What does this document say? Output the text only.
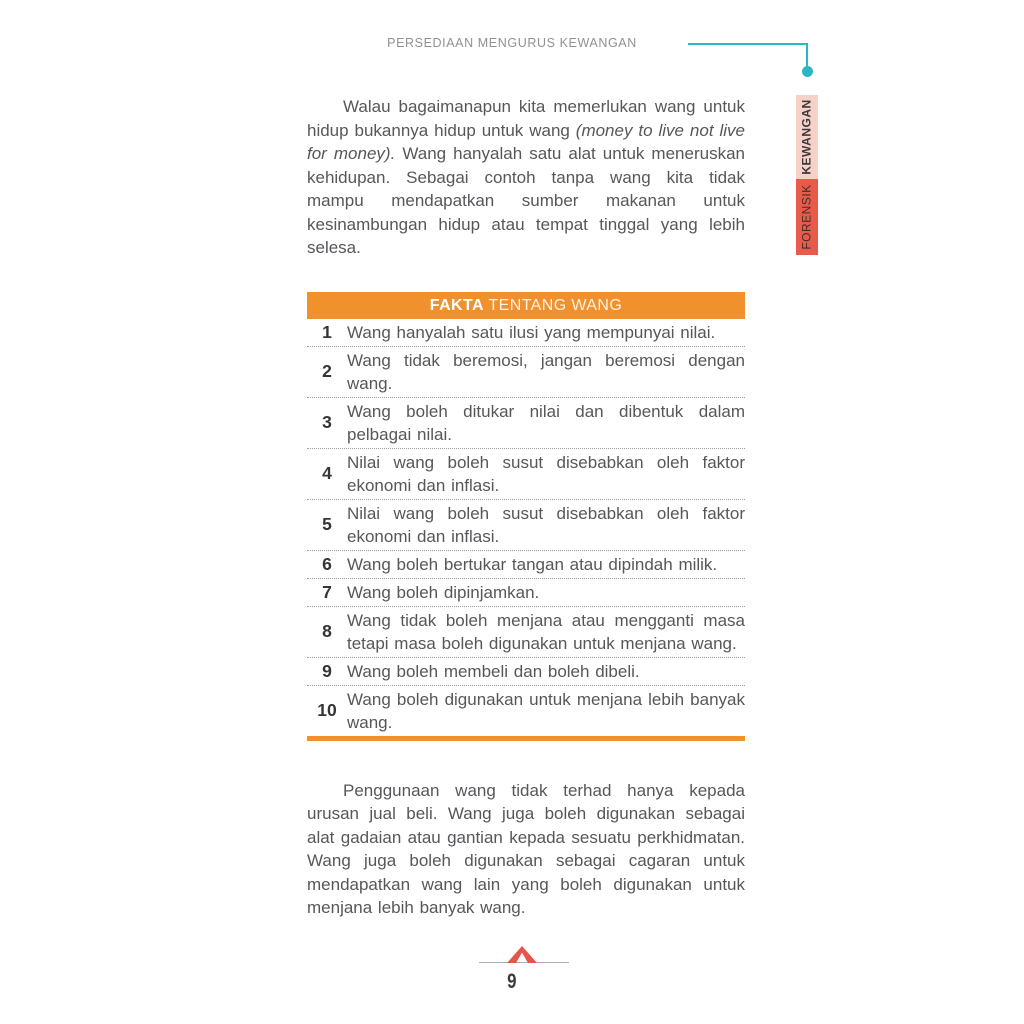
PERSEDIAAN MENGURUS KEWANGAN
KEWANGAN
FORENSIK

Walau bagaimanapun kita memerlukan wang untuk hidup bukannya hidup untuk wang (money to live not live for money). Wang hanyalah satu alat untuk meneruskan kehidupan. Sebagai contoh tanpa wang kita tidak mampu mendapatkan sumber makanan untuk kesinambungan hidup atau tempat tinggal yang lebih selesa.

FAKTA TENTANG WANG
1 Wang hanyalah satu ilusi yang mempunyai nilai.
2
Wang tidak beremosi, jangan beremosi dengan wang.
3
Wang boleh ditukar nilai dan dibentuk dalam pelbagai nilai.
4
Nilai wang boleh susut disebabkan oleh faktor ekonomi dan inflasi.
5
Nilai wang boleh susut disebabkan oleh faktor ekonomi dan inflasi.
6 Wang boleh bertukar tangan atau dipindah milik.
7 Wang boleh dipinjamkan.
8
Wang tidak boleh menjana atau mengganti masa tetapi masa boleh digunakan untuk menjana wang.
9 Wang boleh membeli dan boleh dibeli.
10
Wang boleh digunakan untuk menjana lebih banyak wang.

Penggunaan wang tidak terhad hanya kepada urusan jual beli. Wang juga boleh digunakan sebagai alat gadaian atau gantian kepada sesuatu perkhidmatan. Wang juga boleh digunakan sebagai cagaran untuk mendapatkan wang lain yang boleh digunakan untuk menjana lebih banyak wang.

9
